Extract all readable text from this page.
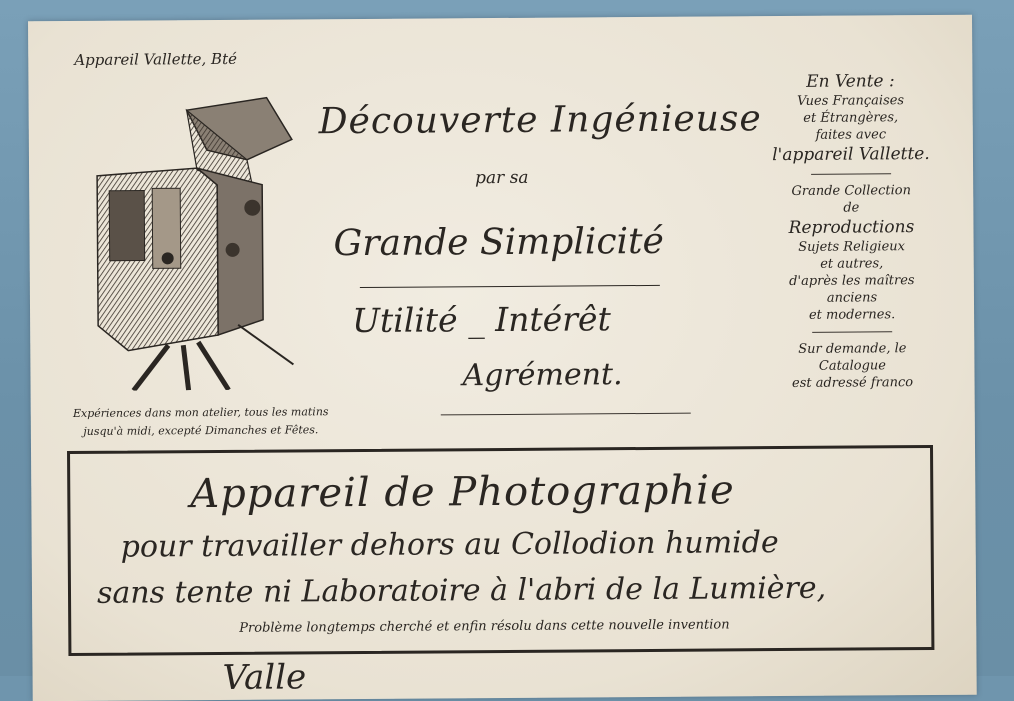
Appareil Vallette, Bté
Expériences dans mon atelier, tous les matins
jusqu'à midi, excepté Dimanches et Fêtes.
Découverte Ingénieuse
par sa
Grande Simplicité
Utilité _ Intérêt
Agrément.
En Vente :
Vues Françaises
et Étrangères,
faites avec
l'appareil Vallette.
Grande Collection
de
Reproductions
Sujets Religieux
et autres,
d'après les maîtres anciens
et modernes.
Sur demande, le Catalogue
est adressé franco
Appareil de Photographie
pour travailler dehors au Collodion humide
sans tente ni Laboratoire à l'abri de la Lumière,
Problème longtemps cherché et enfin résolu dans cette nouvelle invention
Valle
